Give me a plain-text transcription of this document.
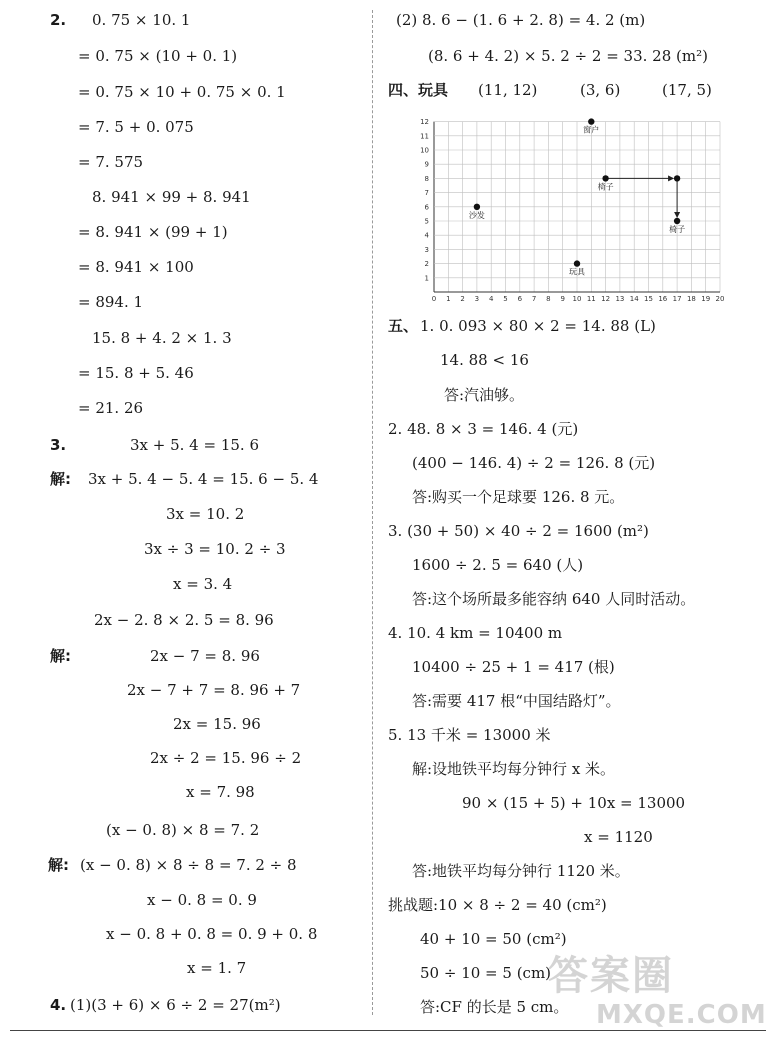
2. 0. 75 × 10. 1
= 0. 75 × (10 + 0. 1)
= 0. 75 × 10 + 0. 75 × 0. 1
= 7. 5 + 0. 075
= 7. 575
8. 941 × 99 + 8. 941
= 8. 941 × (99 + 1)
= 8. 941 × 100
= 894. 1
15. 8 + 4. 2 × 1. 3
= 15. 8 + 5. 46
= 21. 26
3.	3x + 5. 4 = 15. 6
解: 3x + 5. 4 − 5. 4 = 15. 6 − 5. 4
3x = 10. 2
3x ÷ 3 = 10. 2 ÷ 3
x = 3. 4
2x − 2. 8 × 2. 5 = 8. 96
解:	2x − 7 = 8. 96
2x − 7 + 7 = 8. 96 + 7
2x = 15. 96
2x ÷ 2 = 15. 96 ÷ 2
x = 7. 98
(x − 0. 8) × 8 = 7. 2
解: (x − 0. 8) × 8 ÷ 8 = 7. 2 ÷ 8
x − 0. 8 = 0. 9
x − 0. 8 + 0. 8 = 0. 9 + 0. 8
x = 1. 7
4. (1)(3 + 6) × 6 ÷ 2 = 27(m²)
(2) 8. 6 − (1. 6 + 2. 8) = 4. 2 (m)
(8. 6 + 4. 2) × 5. 2 ÷ 2 = 33. 28 (m²)
四、玩具 (11, 12)	(3, 6)	(17, 5)
0 1 2 3 4 5 6 7 8 9 10 11 12 13 14 15 16 17 18 19 20
1
2
3
4
5
6
7
8
9
10
11
12
窗户
沙发
玩具
椅子
椅子
五、 1. 0. 093 × 80 × 2 = 14. 88 (L)
14. 88 < 16
答:汽油够。
2. 48. 8 × 3 = 146. 4 (元)
(400 − 146. 4) ÷ 2 = 126. 8 (元)
答:购买一个足球要 126. 8 元。
3. (30 + 50) × 40 ÷ 2 = 1600 (m²)
1600 ÷ 2. 5 = 640 (人)
答:这个场所最多能容纳 640 人同时活动。
4. 10. 4 km = 10400 m
10400 ÷ 25 + 1 = 417 (根)
答:需要 417 根“中国结路灯”。
5. 13 千米 = 13000 米
解:设地铁平均每分钟行 x 米。
90 × (15 + 5) + 10x = 13000
x = 1120
答:地铁平均每分钟行 1120 米。
挑战题:10 × 8 ÷ 2 = 40 (cm²)
40 + 10 = 50 (cm²)
50 ÷ 10 = 5 (cm)
答:CF 的长是 5 cm。
答案圈
MXQE.COM
